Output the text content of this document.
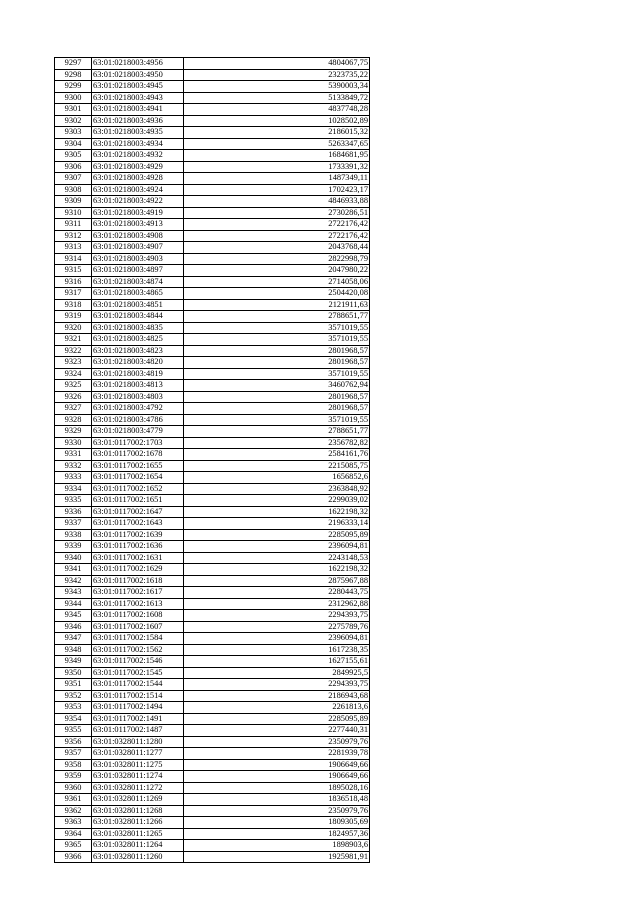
9297	63:01:0218003:4956	4804067,75
9298	63:01:0218003:4950	2323735,22
9299	63:01:0218003:4945	5390003,34
9300	63:01:0218003:4943	5133849,72
9301	63:01:0218003:4941	4837748,28
9302	63:01:0218003:4936	1028502,89
9303	63:01:0218003:4935	2186015,32
9304	63:01:0218003:4934	5263347,65
9305	63:01:0218003:4932	1684681,95
9306	63:01:0218003:4929	1733391,32
9307	63:01:0218003:4928	1487349,11
9308	63:01:0218003:4924	1702423,17
9309	63:01:0218003:4922	4846933,88
9310	63:01:0218003:4919	2730286,51
9311	63:01:0218003:4913	2722176,42
9312	63:01:0218003:4908	2722176,42
9313	63:01:0218003:4907	2043768,44
9314	63:01:0218003:4903	2822998,79
9315	63:01:0218003:4897	2047980,22
9316	63:01:0218003:4874	2714058,06
9317	63:01:0218003:4865	2504420,08
9318	63:01:0218003:4851	2121911,63
9319	63:01:0218003:4844	2788651,77
9320	63:01:0218003:4835	3571019,55
9321	63:01:0218003:4825	3571019,55
9322	63:01:0218003:4823	2801968,57
9323	63:01:0218003:4820	2801968,57
9324	63:01:0218003:4819	3571019,55
9325	63:01:0218003:4813	3460762,94
9326	63:01:0218003:4803	2801968,57
9327	63:01:0218003:4792	2801968,57
9328	63:01:0218003:4786	3571019,55
9329	63:01:0218003:4779	2788651,77
9330	63:01:0117002:1703	2356782,82
9331	63:01:0117002:1678	2584161,76
9332	63:01:0117002:1655	2215085,75
9333	63:01:0117002:1654	1656852,6
9334	63:01:0117002:1652	2363848,92
9335	63:01:0117002:1651	2299039,02
9336	63:01:0117002:1647	1622198,32
9337	63:01:0117002:1643	2196333,14
9338	63:01:0117002:1639	2285095,89
9339	63:01:0117002:1636	2396094,81
9340	63:01:0117002:1631	2243148,53
9341	63:01:0117002:1629	1622198,32
9342	63:01:0117002:1618	2875967,88
9343	63:01:0117002:1617	2280443,75
9344	63:01:0117002:1613	2312962,88
9345	63:01:0117002:1608	2294393,75
9346	63:01:0117002:1607	2275789,76
9347	63:01:0117002:1584	2396094,81
9348	63:01:0117002:1562	1617238,35
9349	63:01:0117002:1546	1627155,61
9350	63:01:0117002:1545	2849925,5
9351	63:01:0117002:1544	2294393,75
9352	63:01:0117002:1514	2186943,68
9353	63:01:0117002:1494	2261813,6
9354	63:01:0117002:1491	2285095,89
9355	63:01:0117002:1487	2277440,31
9356	63:01:0328011:1280	2350979,76
9357	63:01:0328011:1277	2281939,78
9358	63:01:0328011:1275	1906649,66
9359	63:01:0328011:1274	1906649,66
9360	63:01:0328011:1272	1895028,16
9361	63:01:0328011:1269	1836518,48
9362	63:01:0328011:1268	2350979,76
9363	63:01:0328011:1266	1809305,69
9364	63:01:0328011:1265	1824957,36
9365	63:01:0328011:1264	1898903,6
9366	63:01:0328011:1260	1925981,91
